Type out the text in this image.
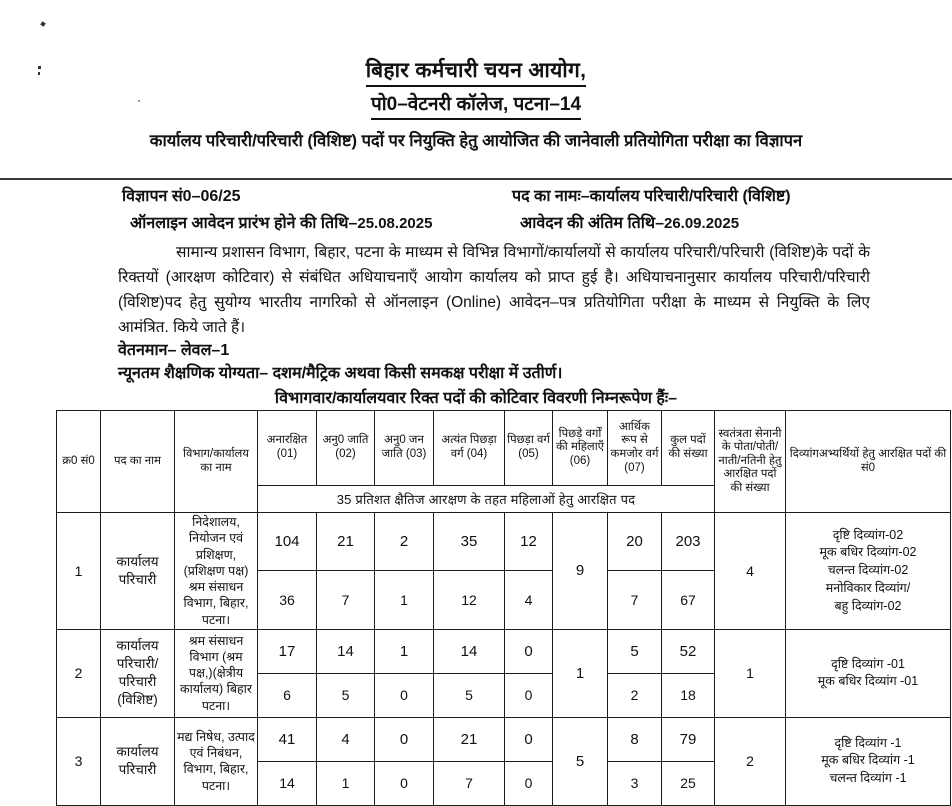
बिहार कर्मचारी चयन आयोग,
पो0–वेटनरी कॉलेज, पटना–14
कार्यालय परिचारी/परिचारी (विशिष्ट) पदों पर नियुक्ति हेतु आयोजित की जानेवाली प्रतियोगिता परीक्षा का विज्ञापन
विज्ञापन सं0–06/25	पद का नामः–कार्यालय परिचारी/परिचारी (विशिष्ट)
ऑनलाइन आवेदन प्रारंभ होने की तिथि–25.08.2025	आवेदन की अंतिम तिथि–26.09.2025
सामान्य प्रशासन विभाग, बिहार, पटना के माध्यम से विभिन्न विभागों/कार्यालयों से कार्यालय परिचारी/परिचारी (विशिष्ट)के पदों के रिक्तयों (आरक्षण कोटिवार) से संबंधित अधियाचनाएँ आयोग कार्यालय को प्राप्त हुई है। अधियाचनानुसार कार्यालय परिचारी/परिचारी (विशिष्ट)पद हेतु सुयोग्य भारतीय नागरिको से ऑनलाइन (Online) आवेदन–पत्र प्रतियोगिता परीक्षा के माध्यम से नियुक्ति के लिए आमंत्रित. किये जाते हैं।
वेतनमान– लेवल–1
न्यूनतम शैक्षणिक योग्यता– दशम/मैट्रिक अथवा किसी समकक्ष परीक्षा में उतीर्ण।
विभागवार/कार्यालयवार रिक्त पदों की कोटिवार विवरणी निम्नरूपेण हैंः–
क्र0 सं0	पद का नाम	विभाग/कार्यालय का नाम	अनारक्षित (01)	अनु0 जाति (02)	अनु0 जन जाति (03)	अत्यंत पिछड़ा वर्ग (04)	पिछड़ा वर्ग (05)	पिछड़े वर्गों की महिलाएँ (06)	आर्थिक रूप से कमजोर वर्ग (07)	कुल पदों की संख्या	स्वतंत्रता सेनानी के पोता/पोती/नाती/नतिनी हेतु आरक्षित पदों की संख्या	दिव्यांगअभ्यर्थियों हेतु आरक्षित पदों की सं0
			35 प्रतिशत क्षैतिज आरक्षण के तहत महिलाओं हेतु आरक्षित पद									
1	कार्यालय परिचारी	निदेशालय, नियोजन एवं प्रशिक्षण, (प्रशिक्षण पक्ष) श्रम संसाधन विभाग, बिहार, पटना।	104	21	2	35	12	9	20	203	4	दृष्टि दिव्यांग-02
मूक बधिर दिव्यांग-02
चलन्त दिव्यांग-02
मनोविकार दिव्यांग/
बहु दिव्यांग-02
			36	7	1	12	4		7	67		
2	कार्यालय परिचारी/ परिचारी (विशिष्ट)	श्रम संसाधन विभाग (श्रम पक्ष,)(क्षेत्रीय कार्यालय) बिहार पटना।	17	14	1	14	0	1	5	52	1	दृष्टि दिव्यांग -01
मूक बधिर दिव्यांग -01
			6	5	0	5	0		2	18		
3	कार्यालय परिचारी	मद्य निषेध, उत्पाद एवं निबंधन, विभाग, बिहार, पटना।	41	4	0	21	0	5	8	79	2	दृष्टि दिव्यांग -1
मूक बधिर दिव्यांग -1
चलन्त दिव्यांग -1
			14	1	0	7	0		3	25		
